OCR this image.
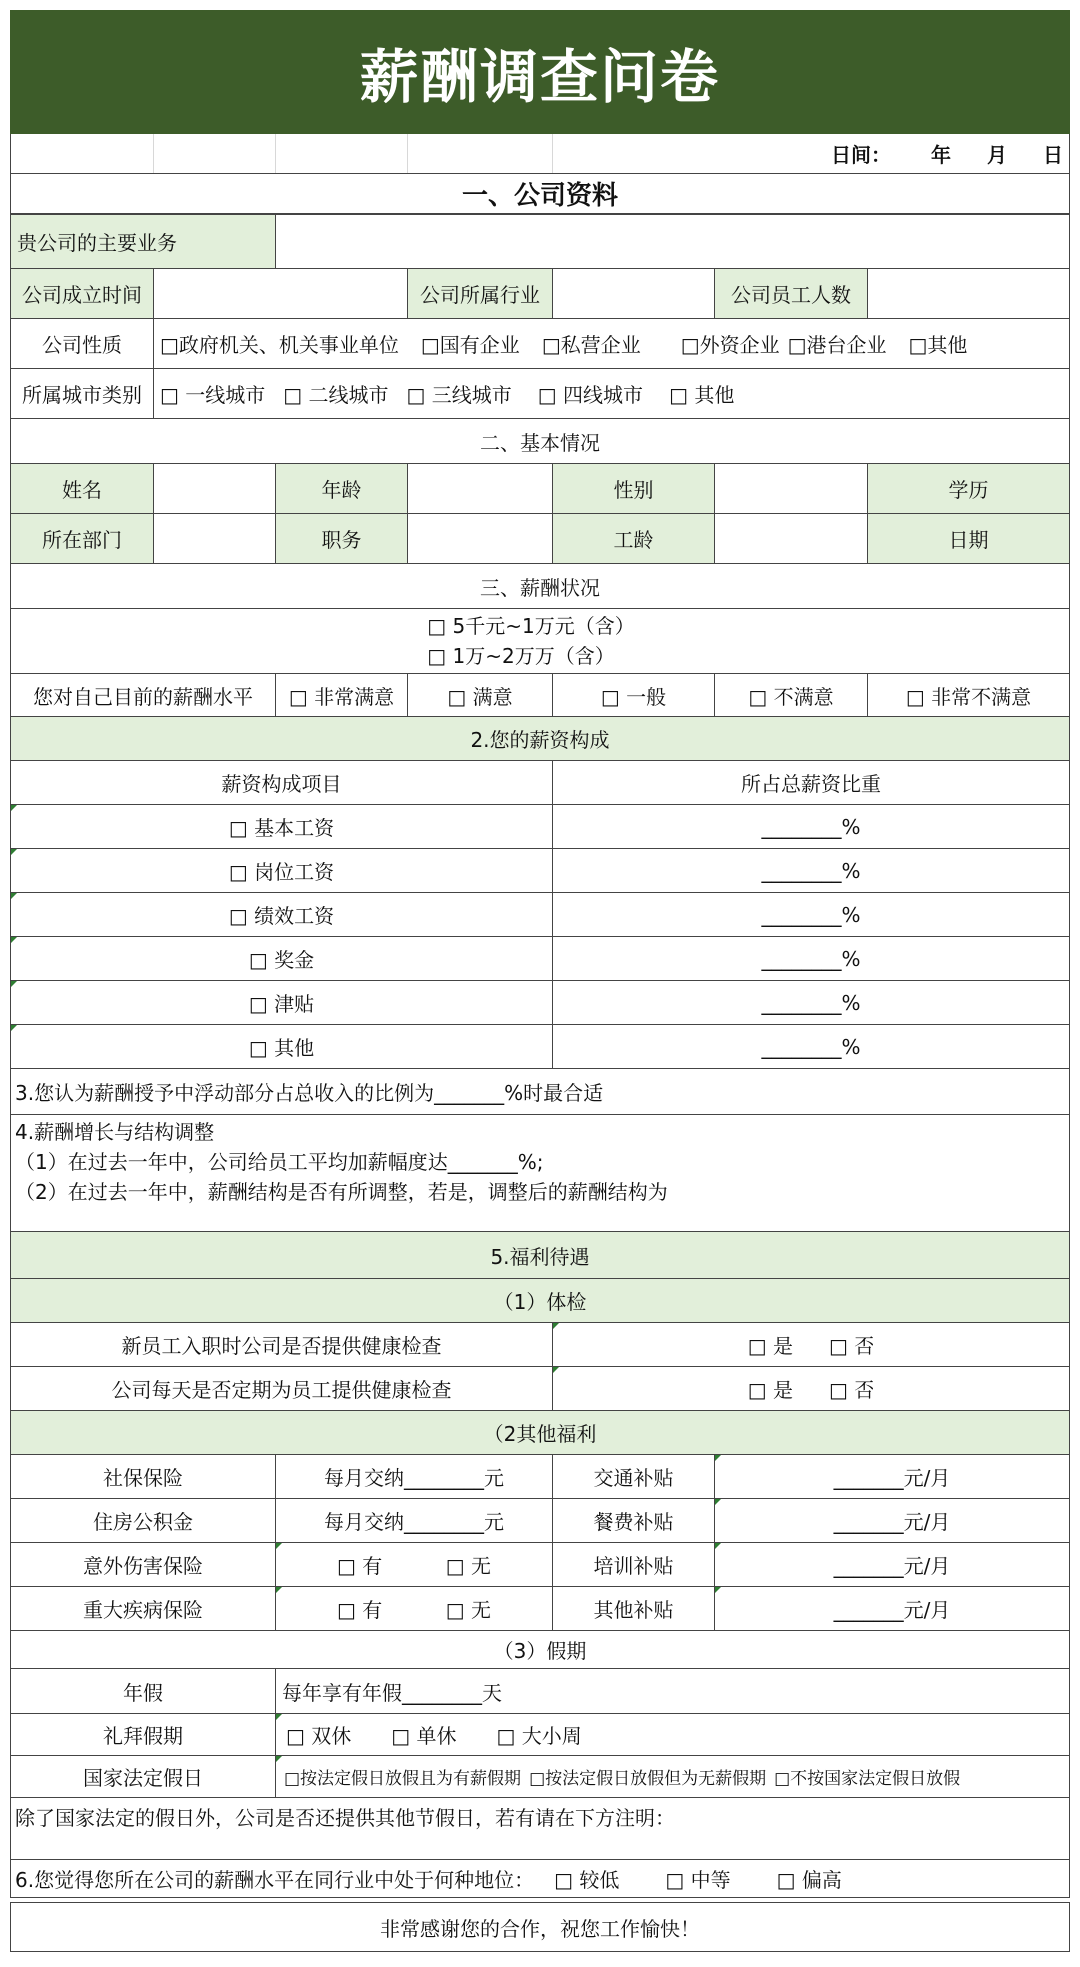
薪酬调查问卷
日间： 年 月 日
一、公司资料
贵公司的主要业务
公司成立时间	公司所属行业	公司员工人数
公司性质	□政府机关、机关事业单位 □国有企业 □私营企业 □外资企业 □港台企业 □其他
所属城市类别 □ 一线城市 □ 二线城市 □ 三线城市 □ 四线城市 □ 其他
二、基本情况
姓名	年龄	性别	学历
所在部门	职务	工龄	日期
三、薪酬状况
□ 5千元~1万元（含）
□ 1万~2万万（含）
您对自己目前的薪酬水平	□ 非常满意	□ 满意	□ 一般	□ 不满意	□ 非常不满意
2.您的薪资构成
薪资构成项目	所占总薪资比重
□ 基本工资	________%
□ 岗位工资	________%
□ 绩效工资	________%
□ 奖金	________%
□ 津贴	________%
□ 其他	________%
3.您认为薪酬授予中浮动部分占总收入的比例为_______%时最合适
4.薪酬增长与结构调整
（1）在过去一年中，公司给员工平均加薪幅度达_______%;
（2）在过去一年中，薪酬结构是否有所调整，若是，调整后的薪酬结构为
5.福利待遇
（1）体检
新员工入职时公司是否提供健康检查	□ 是 □ 否
公司每天是否定期为员工提供健康检查	□ 是 □ 否
（2其他福利
社保保险	每月交纳________元	交通补贴	_______元/月
住房公积金	每月交纳________元	餐费补贴	_______元/月
意外伤害保险	□ 有          □ 无	培训补贴	_______元/月
重大疾病保险	□ 有          □ 无	其他补贴	_______元/月
（3）假期
年假	每年享有年假________天
礼拜假期	□ 双休 □ 单休 □ 大小周
国家法定假日	□按法定假日放假且为有薪假期 □按法定假日放假但为无薪假期 □不按国家法定假日放假
除了国家法定的假日外，公司是否还提供其他节假日，若有请在下方注明：
6.您觉得您所在公司的薪酬水平在同行业中处于何种地位： □ 较低 □ 中等 □ 偏高
非常感谢您的合作，祝您工作愉快！
